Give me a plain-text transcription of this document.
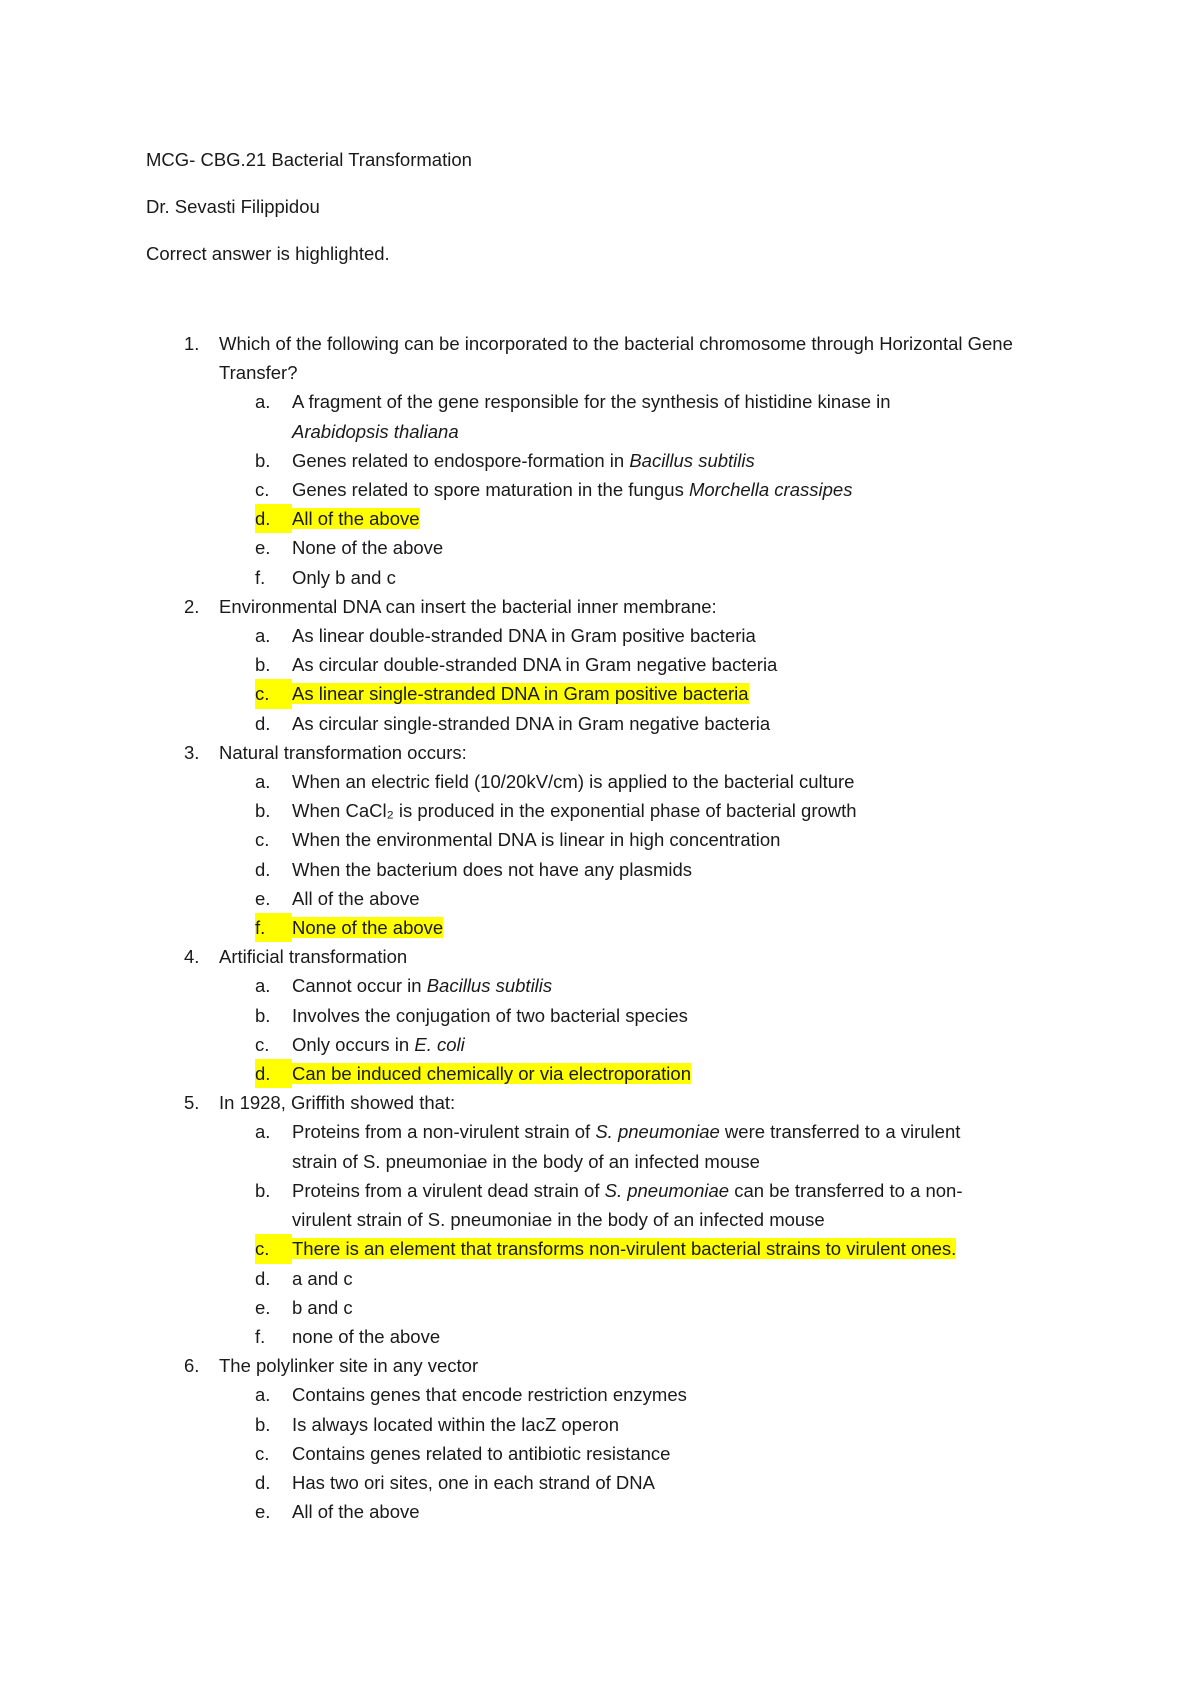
MCG- CBG.21 Bacterial Transformation

Dr. Sevasti Filippidou

Correct answer is highlighted.

1. Which of the following can be incorporated to the bacterial chromosome through Horizontal Gene Transfer?
a. A fragment of the gene responsible for the synthesis of histidine kinase in Arabidopsis thaliana
b. Genes related to endospore-formation in Bacillus subtilis
c. Genes related to spore maturation in the fungus Morchella crassipes
d.	All of the above
e. None of the above
f. Only b and c
2. Environmental DNA can insert the bacterial inner membrane:
a. As linear double-stranded DNA in Gram positive bacteria
b. As circular double-stranded DNA in Gram negative bacteria
c.	As linear single-stranded DNA in Gram positive bacteria
d. As circular single-stranded DNA in Gram negative bacteria
3. Natural transformation occurs:
a. When an electric field (10/20kV/cm) is applied to the bacterial culture
b. When CaCl₂ is produced in the exponential phase of bacterial growth
c. When the environmental DNA is linear in high concentration
d. When the bacterium does not have any plasmids
e. All of the above
f.	None of the above
4. Artificial transformation
a. Cannot occur in Bacillus subtilis
b. Involves the conjugation of two bacterial species
c. Only occurs in E. coli
d.	Can be induced chemically or via electroporation
5. In 1928, Griffith showed that:
a. Proteins from a non-virulent strain of S. pneumoniae were transferred to a virulent strain of S. pneumoniae in the body of an infected mouse
b. Proteins from a virulent dead strain of S. pneumoniae can be transferred to a non-virulent strain of S. pneumoniae in the body of an infected mouse
c.	There is an element that transforms non-virulent bacterial strains to virulent ones.
d. a and c
e. b and c
f. none of the above
6. The polylinker site in any vector
a. Contains genes that encode restriction enzymes
b. Is always located within the lacZ operon
c. Contains genes related to antibiotic resistance
d. Has two ori sites, one in each strand of DNA
e. All of the above
